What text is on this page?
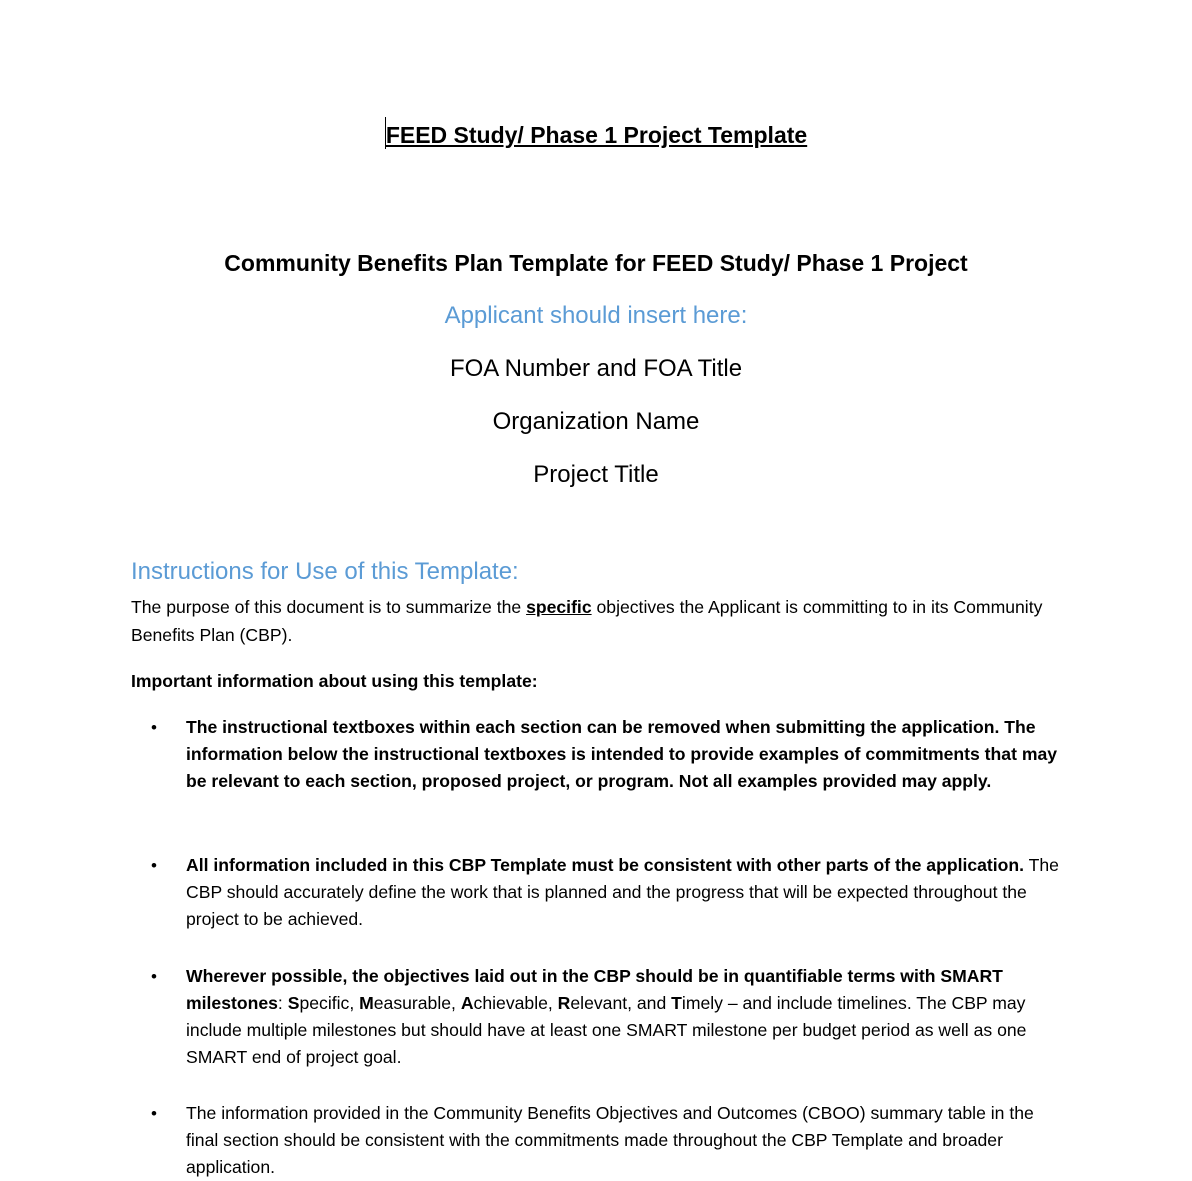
FEED Study/ Phase 1 Project Template
Community Benefits Plan Template for FEED Study/ Phase 1 Project
Applicant should insert here:
FOA Number and FOA Title
Organization Name
Project Title
Instructions for Use of this Template:
The purpose of this document is to summarize the specific objectives the Applicant is committing to in its Community Benefits Plan (CBP).
Important information about using this template:
• The instructional textboxes within each section can be removed when submitting the application. The information below the instructional textboxes is intended to provide examples of commitments that may be relevant to each section, proposed project, or program. Not all examples provided may apply.
• All information included in this CBP Template must be consistent with other parts of the application. The CBP should accurately define the work that is planned and the progress that will be expected throughout the project to be achieved.
• Wherever possible, the objectives laid out in the CBP should be in quantifiable terms with SMART milestones: Specific, Measurable, Achievable, Relevant, and Timely – and include timelines. The CBP may include multiple milestones but should have at least one SMART milestone per budget period as well as one SMART end of project goal.
• The information provided in the Community Benefits Objectives and Outcomes (CBOO) summary table in the final section should be consistent with the commitments made throughout the CBP Template and broader application.
